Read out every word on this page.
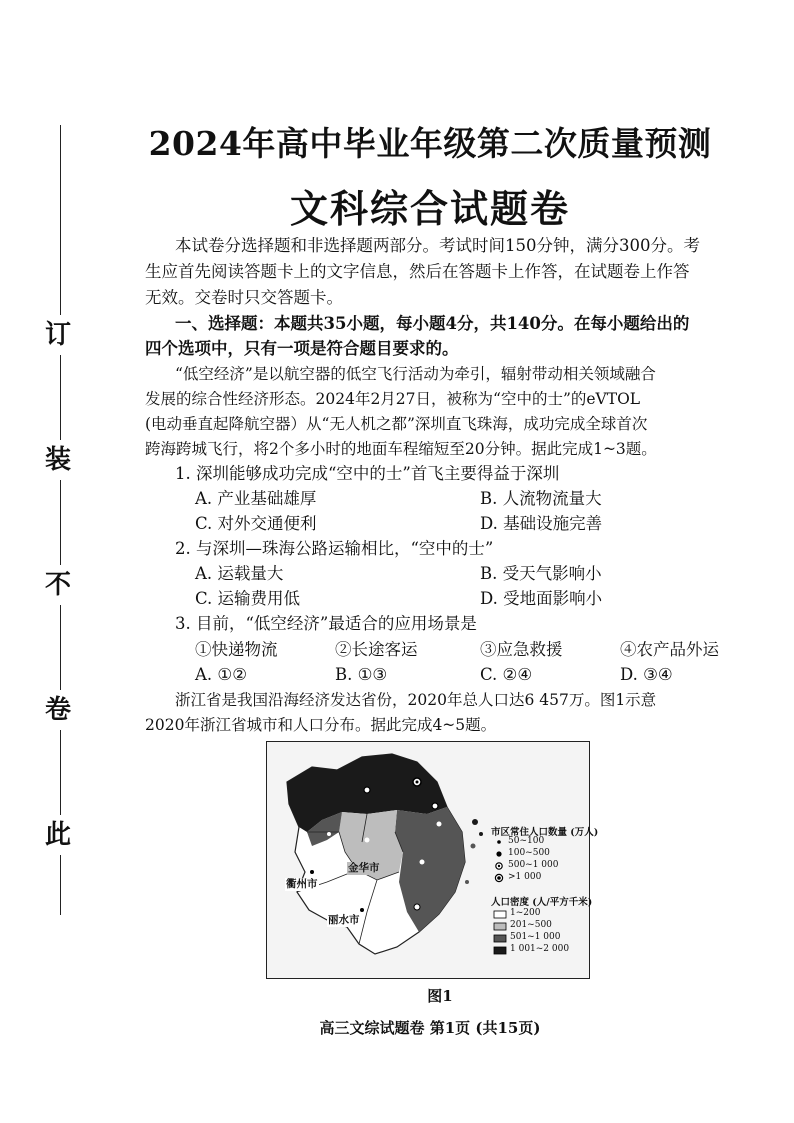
此
卷
不
装
订
2024年高中毕业年级第二次质量预测
文科综合试题卷
本试卷分选择题和非选择题两部分。考试时间150分钟，满分300分。考
生应首先阅读答题卡上的文字信息，然后在答题卡上作答，在试题卷上作答
无效。交卷时只交答题卡。
一、选择题：本题共35小题，每小题4分，共140分。在每小题给出的
四个选项中，只有一项是符合题目要求的。
“低空经济”是以航空器的低空飞行活动为牵引，辐射带动相关领域融合
发展的综合性经济形态。2024年2月27日，被称为“空中的士”的eVTOL
(电动垂直起降航空器）从“无人机之都”深圳直飞珠海，成功完成全球首次
跨海跨城飞行，将2个多小时的地面车程缩短至20分钟。据此完成1~3题。
1. 深圳能够成功完成“空中的士”首飞主要得益于深圳
A. 产业基础雄厚	B. 人流物流量大
C. 对外交通便利	D. 基础设施完善
2. 与深圳—珠海公路运输相比，“空中的士”
A. 运载量大	B. 受天气影响小
C. 运输费用低	D. 受地面影响小
3. 目前，“低空经济”最适合的应用场景是
①快递物流	②长途客运	③应急救援	④农产品外运
A. ①②	B. ①③	C. ②④	D. ③④
浙江省是我国沿海经济发达省份，2020年总人口达6 457万。图1示意
2020年浙江省城市和人口分布。据此完成4~5题。
衢州市
金华市
丽水市
市区常住人口数量 (万人)
50~100
100~500
500~1 000
>1 000
人口密度 (人/平方千米)
1~200
201~500
501~1 000
1 001~2 000
图1
高三文综试题卷 第1页 (共15页)
